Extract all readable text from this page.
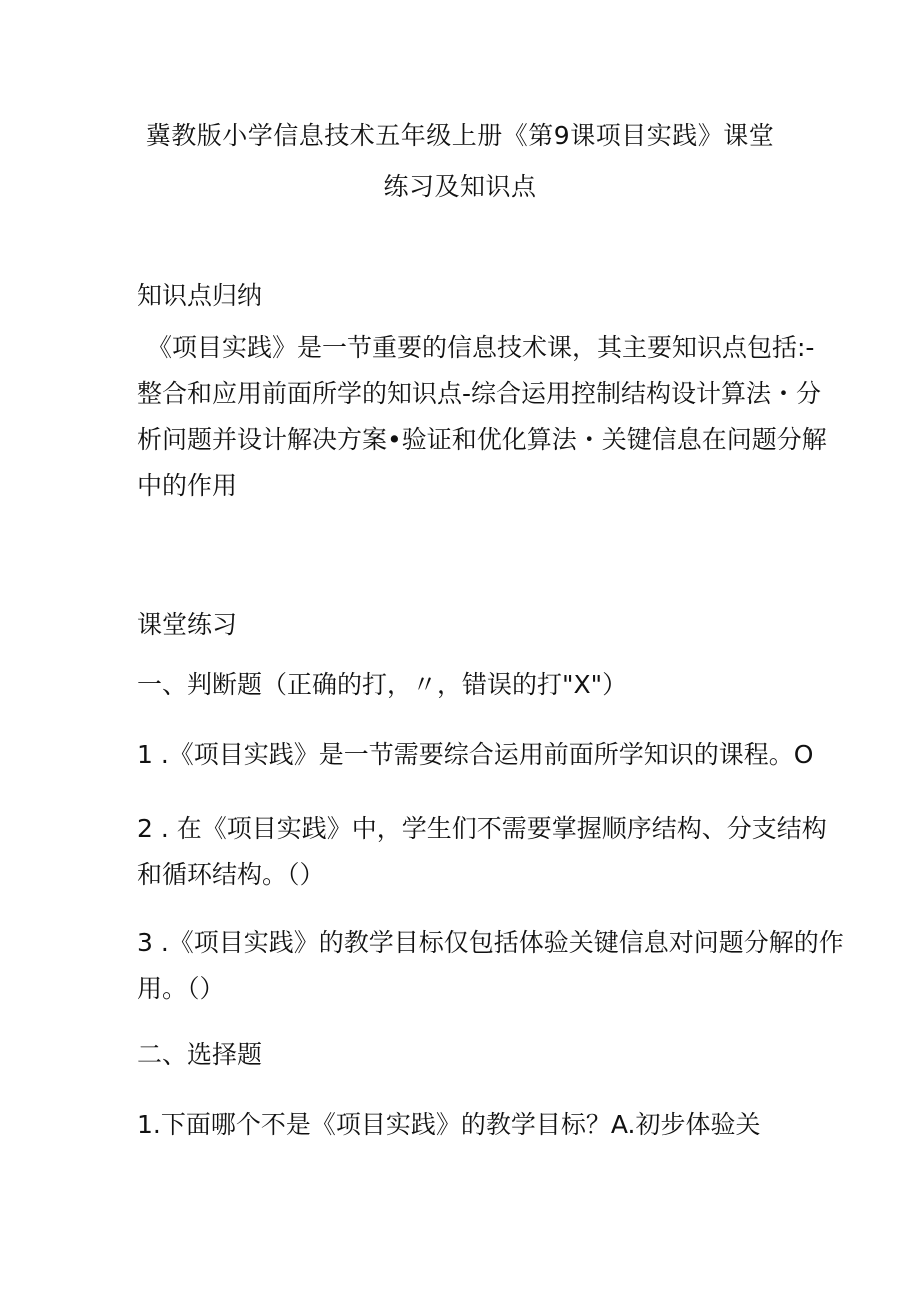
冀教版小学信息技术五年级上册《第9课项目实践》课堂
练习及知识点
知识点归纳
《项目实践》是一节重要的信息技术课，其主要知识点包括:-
整合和应用前面所学的知识点-综合运用控制结构设计算法・分
析问题并设计解决方案•验证和优化算法・关键信息在问题分解
中的作用
课堂练习
一、判断题（正确的打，〃，错误的打"X"）
1 .《项目实践》是一节需要综合运用前面所学知识的课程。O
2 . 在《项目实践》中，学生们不需要掌握顺序结构、分支结构
和循环结构。（）
3 .《项目实践》的教学目标仅包括体验关键信息对问题分解的作
用。（）
二、选择题
1.下面哪个不是《项目实践》的教学目标？A.初步体验关
